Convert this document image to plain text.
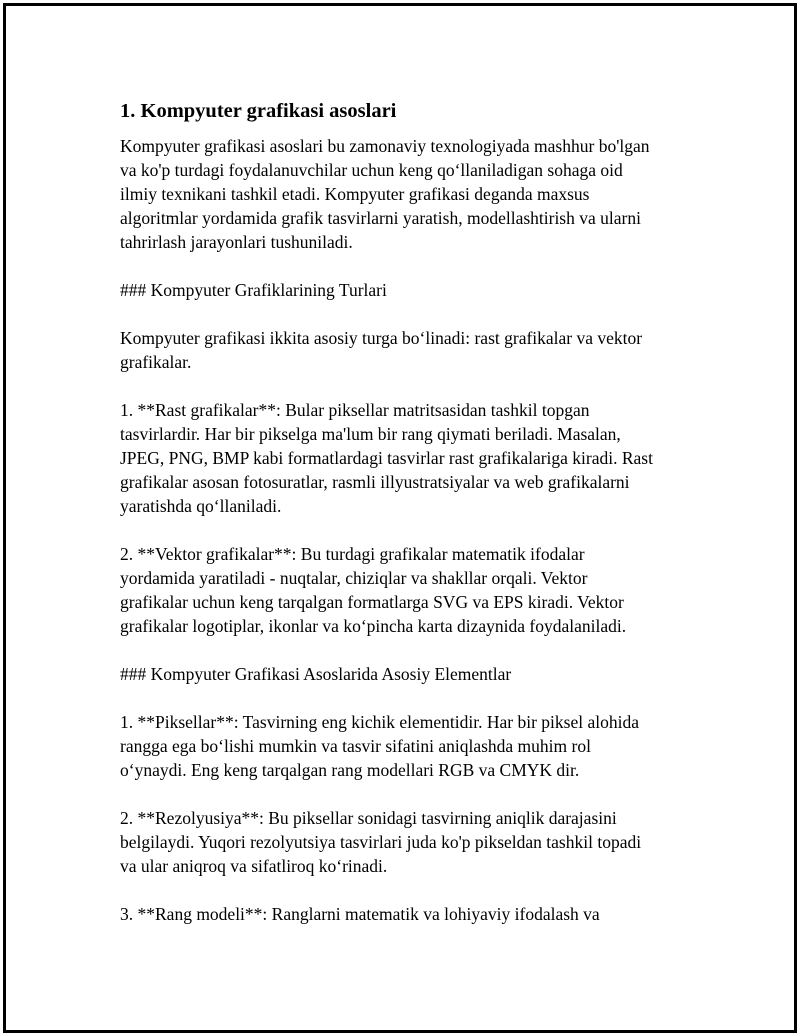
1. Kompyuter grafikasi asoslari
Kompyuter grafikasi asoslari bu zamonaviy texnologiyada mashhur bo'lgan
va ko'p turdagi foydalanuvchilar uchun keng qo‘llaniladigan sohaga oid
ilmiy texnikani tashkil etadi. Kompyuter grafikasi deganda maxsus
algoritmlar yordamida grafik tasvirlarni yaratish, modellashtirish va ularni
tahrirlash jarayonlari tushuniladi.
### Kompyuter Grafiklarining Turlari
Kompyuter grafikasi ikkita asosiy turga bo‘linadi: rast grafikalar va vektor
grafikalar.
1. **Rast grafikalar**: Bular piksellar matritsasidan tashkil topgan
tasvirlardir. Har bir pikselga ma'lum bir rang qiymati beriladi. Masalan,
JPEG, PNG, BMP kabi formatlardagi tasvirlar rast grafikalariga kiradi. Rast
grafikalar asosan fotosuratlar, rasmli illyustratsiyalar va web grafikalarni
yaratishda qo‘llaniladi.
2. **Vektor grafikalar**: Bu turdagi grafikalar matematik ifodalar
yordamida yaratiladi - nuqtalar, chiziqlar va shakllar orqali. Vektor
grafikalar uchun keng tarqalgan formatlarga SVG va EPS kiradi. Vektor
grafikalar logotiplar, ikonlar va ko‘pincha karta dizaynida foydalaniladi.
### Kompyuter Grafikasi Asoslarida Asosiy Elementlar
1. **Piksellar**: Tasvirning eng kichik elementidir. Har bir piksel alohida
rangga ega bo‘lishi mumkin va tasvir sifatini aniqlashda muhim rol
o‘ynaydi. Eng keng tarqalgan rang modellari RGB va CMYK dir.
2. **Rezolyusiya**: Bu piksellar sonidagi tasvirning aniqlik darajasini
belgilaydi. Yuqori rezolyutsiya tasvirlari juda ko'p pikseldan tashkil topadi
va ular aniqroq va sifatliroq ko‘rinadi.
3. **Rang modeli**: Ranglarni matematik va lohiyaviy ifodalash va
